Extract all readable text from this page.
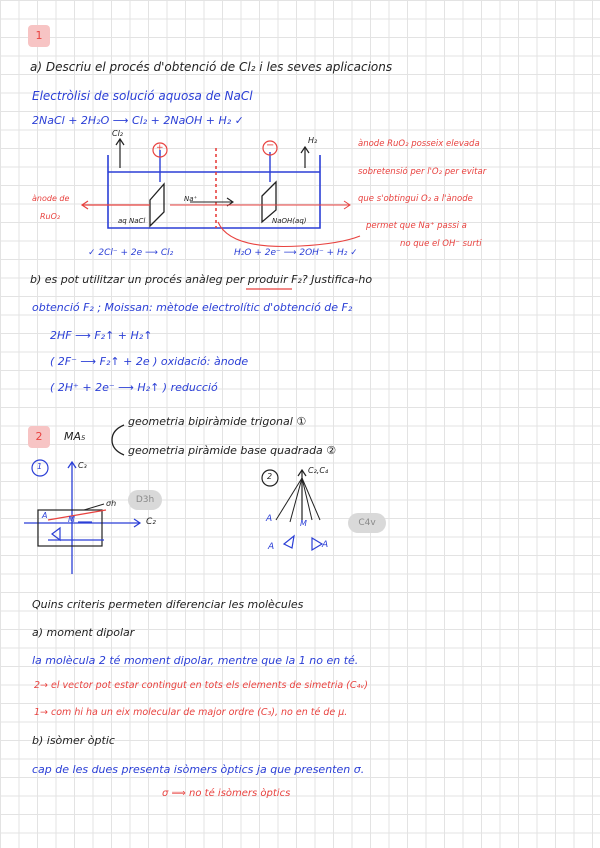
1
a) Descriu el procés d'obtenció de Cl₂ i les seves aplicacions
Electròlisi de solució aquosa de NaCl
2NaCl + 2H₂O ⟶ Cl₂ + 2NaOH + H₂ ✓
Cl₂
H₂
+	−
Na⁺
aq NaCl	NaOH(aq)
ànode de
RuO₂
✓ 2Cl⁻ + 2e ⟶ Cl₂	H₂O + 2e⁻ ⟶ 2OH⁻ + H₂ ✓
ànode RuO₂ posseix elevada
sobretensió per l'O₂ per evitar
que s'obtingui O₂ a l'ànode
permet que Na⁺ passi a
no que el OH⁻ surti
b) es pot utilitzar un procés anàleg per produir F₂? Justifica-ho
obtenció F₂ ; Moissan: mètode electrolític d'obtenció de F₂
2HF ⟶ F₂↑ + H₂↑
( 2F⁻ ⟶ F₂↑ + 2e ) oxidació: ànode
( 2H⁺ + 2e⁻ ⟶ H₂↑ ) reducció
2	MA₅
geometria bipiràmide trigonal ①
geometria piràmide base quadrada ②
1	C₃
C₂
σh
A	M
D3h
2
C₂,C₄
A	M
A	A
C4v
Quins criteris permeten diferenciar les molècules
a) moment dipolar
la molècula 2 té moment dipolar, mentre que la 1 no en té.
2→ el vector pot estar contingut en tots els elements de simetria (C₄ᵥ)
1→ com hi ha un eix molecular de major ordre (C₃), no en té de μ.
b) isòmer òptic
cap de les dues presenta isòmers òptics ja que presenten σ.
σ ⟹ no té isòmers òptics
